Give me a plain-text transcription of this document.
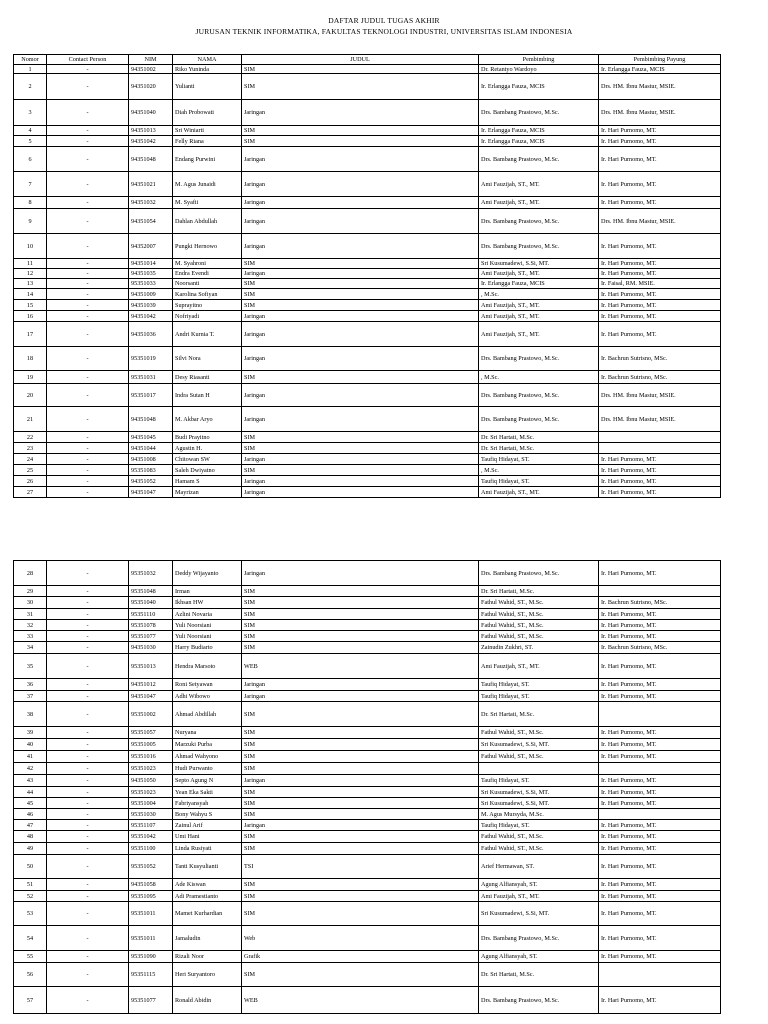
DAFTAR JUDUL TUGAS AKHIR
JURUSAN TEKNIK INFORMATIKA, FAKULTAS TEKNOLOGI INDUSTRI, UNIVERSITAS ISLAM INDONESIA
Nomor	Contact Person	NIM	NAMA	JUDUL	Pembimbing	Pembimbing Payung
1	-	94351002	Riko Yuninda	SIM	Dr. Retantyo Wardoyo	Ir. Erlangga Fauza, MCIS
2	-	94351020	Yulianti	SIM	Ir. Erlangga Fauza, MCIS	Drs. HM. Ibnu Mastur, MSIE.
3	-	94351040	Diah Probowati	Jaringan	Drs. Bambang Prastowo, M.Sc.	Drs. HM. Ibnu Mastur, MSIE.
4	-	94351013	Sri Winiarti	SIM	Ir. Erlangga Fauza, MCIS	Ir. Hari Purnomo, MT.
5	-	94351042	Felly Riana	SIM	Ir. Erlangga Fauza, MCIS	Ir. Hari Purnomo, MT.
6	-	94351048	Endang Purwini	Jaringan	Drs. Bambang Prastowo, M.Sc.	Ir. Hari Purnomo, MT.
7	-	94351021	M. Agus Junaidi	Jaringan	Ami Fauzijah, ST., MT.	Ir. Hari Purnomo, MT.
8	-	94351032	M. Syafii	Jaringan	Ami Fauzijah, ST., MT.	Ir. Hari Purnomo, MT.
9	-	94351054	Dahlan Abdullah	Jaringan	Drs. Bambang Prastowo, M.Sc.	Drs. HM. Ibnu Mastur, MSIE.
10	-	94352007	Pungki Hernowo	Jaringan	Drs. Bambang Prastowo, M.Sc.	Ir. Hari Purnomo, MT.
11	-	94351014	M. Syahroni	SIM	Sri Kusumadewi, S.Si, MT.	Ir. Hari Purnomo, MT.
12	-	94351035	Endra Evendi	Jaringan	Ami Fauzijah, ST., MT.	Ir. Hari Purnomo, MT.
13	-	95351033	Noorsanti	SIM	Ir. Erlangga Fauza, MCIS	Ir. Faisal, RM. MSIE.
14	-	94351009	Karolina Sofiyan	SIM	, M.Sc.	Ir. Hari Purnomo, MT.
15	-	94351039	Suprayitno	SIM	Ami Fauzijah, ST., MT.	Ir. Hari Purnomo, MT.
16	-	94351042	Nofriyadi	Jaringan	Ami Fauzijah, ST., MT.	Ir. Hari Purnomo, MT.
17	-	94351036	Andri Kurnia T.	Jaringan	Ami Fauzijah, ST., MT.	Ir. Hari Purnomo, MT.
18	-	95351019	Silvi Nora	Jaringan	Drs. Bambang Prastowo, M.Sc.	Ir. Bachrun Sutrisno, MSc.
19	-	95351031	Desy Riasanti	SIM	, M.Sc.	Ir. Bachrun Sutrisno, MSc.
20	-	95351017	Indra Sutan H	Jaringan	Drs. Bambang Prastowo, M.Sc.	Drs. HM. Ibnu Mastur, MSIE.
21	-	94351048	M. Akbar Aryo	Jaringan	Drs. Bambang Prastowo, M.Sc.	Drs. HM. Ibnu Mastur, MSIE.
22	-	94351045	Budi Prayitno	SIM	Dr. Sri Hartati, M.Sc.	
23	-	94351044	Agustin H.	SIM	Dr. Sri Hartati, M.Sc.	
24	-	94351008	Chitowan SW	Jaringan	Taufiq Hidayat, ST.	Ir. Hari Purnomo, MT.
25	-	95351083	Saleh Dwiyatno	SIM	, M.Sc.	Ir. Hari Purnomo, MT.
26	-	94351052	Hamam S	Jaringan	Taufiq Hidayat, ST.	Ir. Hari Purnomo, MT.
27	-	94351047	Mayrizan	Jaringan	Ami Fauzijah, ST., MT.	Ir. Hari Purnomo, MT.
28	-	95351032	Deddy Wijayanto	Jaringan	Drs. Bambang Prastowo, M.Sc.	Ir. Hari Purnomo, MT.
29	-	95351048	Irman	SIM	Dr. Sri Hartati, M.Sc.	
30	-	95351040	Ikhsan HW	SIM	Fathul Wahid, ST., M.Sc.	Ir. Bachrun Sutrisno, MSc.
31	-	95351110	Azlini Novaria	SIM	Fathul Wahid, ST., M.Sc.	Ir. Hari Purnomo, MT.
32	-	95351078	Yuli Noorsiani	SIM	Fathul Wahid, ST., M.Sc.	Ir. Hari Purnomo, MT.
33	-	95351077	Yuli Noorsiani	SIM	Fathul Wahid, ST., M.Sc.	Ir. Hari Purnomo, MT.
34	-	94351030	Harry Budiarto	SIM	Zainudin Zukhri, ST.	Ir. Bachrun Sutrisno, MSc.
35	-	95351013	Hendra Marsoto	WEB	Ami Fauzijah, ST., MT.	Ir. Hari Purnomo, MT.
36	-	94351012	Roni Setyawan	Jaringan	Taufiq Hidayat, ST.	Ir. Hari Purnomo, MT.
37	-	94351047	Adhi Wibowo	Jaringan	Taufiq Hidayat, ST.	Ir. Hari Purnomo, MT.
38	-	95351002	Ahmad Abdillah	SIM	Dr. Sri Hartati, M.Sc.	
39	-	95351057	Nuryana	SIM	Fathul Wahid, ST., M.Sc.	Ir. Hari Purnomo, MT.
40	-	95351005	Marzuki Purba	SIM	Sri Kusumadewi, S.Si, MT.	Ir. Hari Purnomo, MT.
41	-	95351016	Ahmad Wahyono	SIM	Fathul Wahid, ST., M.Sc.	Ir. Hari Purnomo, MT.
42	-	95351023	Hudi Purwanto	SIM		
43	-	94351050	Septo Agung N	Jaringan	Taufiq Hidayat, ST.	Ir. Hari Purnomo, MT.
44	-	95351023	Yean Eka Sakti	SIM	Sri Kusumadewi, S.Si, MT.	Ir. Hari Purnomo, MT.
45	-	95351004	Fabriyansyah	SIM	Sri Kusumadewi, S.Si, MT.	Ir. Hari Purnomo, MT.
46	-	95351030	Bony Wahyu S	SIM	M. Agus Mursyda, M.Sc.	
47	-	95351107	Zainul Arif	Jaringan	Taufiq Hidayat, ST.	Ir. Hari Purnomo, MT.
48	-	95351042	Umi Hani	SIM	Fathul Wahid, ST., M.Sc.	Ir. Hari Purnomo, MT.
49	-	95351100	Linda Rusiyati	SIM	Fathul Wahid, ST., M.Sc.	Ir. Hari Purnomo, MT.
50	-	95351052	Tanti Kusyulianti	TSI	Arief Hermawan, ST.	Ir. Hari Purnomo, MT.
51	-	94351058	Ade Kiswan	SIM	Agung Alfiansyah, ST.	Ir. Hari Purnomo, MT.
52	-	95351095	Adi Pramestianto	SIM	Ami Fauzijah, ST., MT.	Ir. Hari Purnomo, MT.
53	-	95351011	Mamet Kurhardian	SIM	Sri Kusumadewi, S.Si, MT.	Ir. Hari Purnomo, MT.
54	-	95351011	Jamaludin	Web	Drs. Bambang Prastowo, M.Sc.	Ir. Hari Purnomo, MT.
55	-	95351090	Rizali Noor	Grafik	Agung Alfiansyah, ST.	Ir. Hari Purnomo, MT.
56	-	95351115	Heri Suryantoro	SIM	Dr. Sri Hartati, M.Sc.	
57	-	95351077	Ronald Abidin	WEB	Drs. Bambang Prastowo, M.Sc.	Ir. Hari Purnomo, MT.
